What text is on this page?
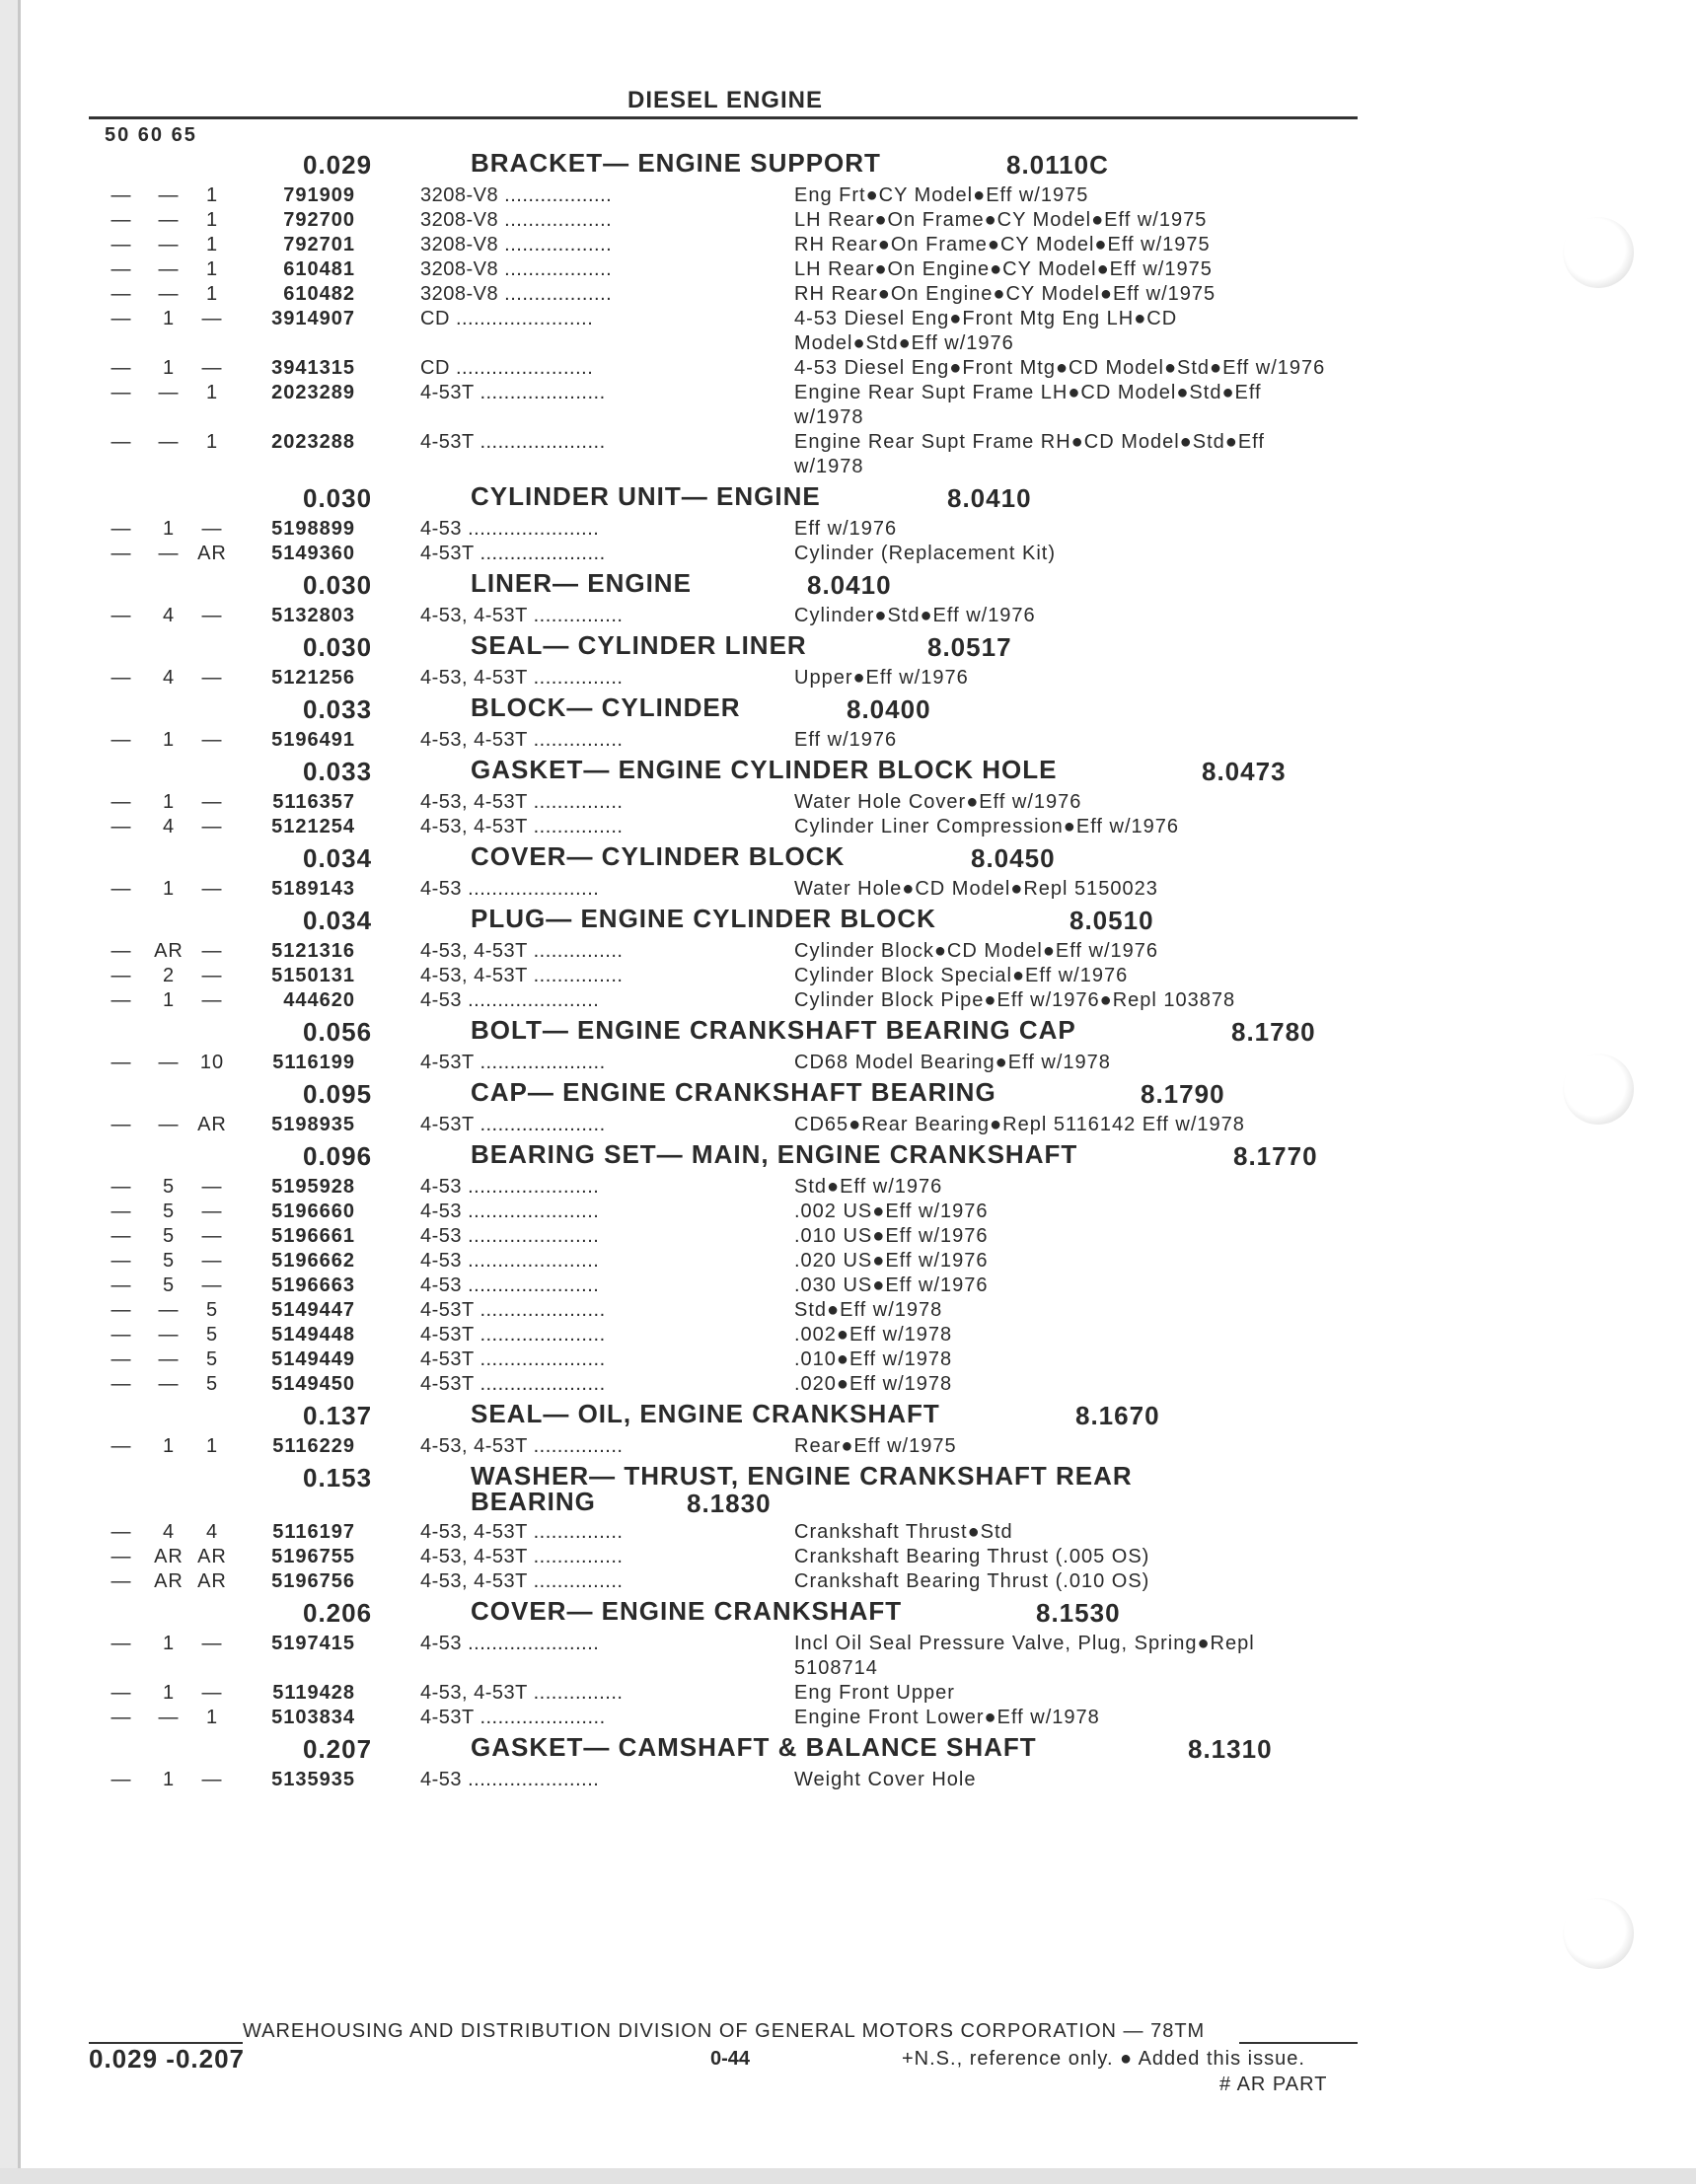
DIESEL ENGINE
50 60 65
0.029	BRACKET— ENGINE SUPPORT	8.0110C
— —	1	791909	3208-V8 ..................	Eng Frt●CY Model●Eff w/1975
— —	1	792700	3208-V8 ..................	LH Rear●On Frame●CY Model●Eff w/1975
— —	1	792701	3208-V8 ..................	RH Rear●On Frame●CY Model●Eff w/1975
— —	1	610481	3208-V8 ..................	LH Rear●On Engine●CY Model●Eff w/1975
— —	1	610482	3208-V8 ..................	RH Rear●On Engine●CY Model●Eff w/1975
—	1	—	3914907	CD .......................	4-53 Diesel Eng●Front Mtg Eng LH●CD Model●Std●Eff w/1976
—	1	—	3941315	CD .......................	4-53 Diesel Eng●Front Mtg●CD Model●Std●Eff w/1976
— —	1	2023289	4-53T .....................	Engine Rear Supt Frame LH●CD Model●Std●Eff w/1978
— —	1	2023288	4-53T .....................	Engine Rear Supt Frame RH●CD Model●Std●Eff w/1978
0.030	CYLINDER UNIT— ENGINE	8.0410
—	1	—	5198899	4-53 ......................	Eff w/1976
— — AR	5149360	4-53T .....................	Cylinder (Replacement Kit)
0.030	LINER— ENGINE	8.0410
—	4	—	5132803	4-53, 4-53T ...............	Cylinder●Std●Eff w/1976
0.030	SEAL— CYLINDER LINER	8.0517
—	4	—	5121256	4-53, 4-53T ...............	Upper●Eff w/1976
0.033	BLOCK— CYLINDER	8.0400
—	1	—	5196491	4-53, 4-53T ...............	Eff w/1976
0.033	GASKET— ENGINE CYLINDER BLOCK HOLE	8.0473
—	1	—	5116357	4-53, 4-53T ...............	Water Hole Cover●Eff w/1976
—	4	—	5121254	4-53, 4-53T ...............	Cylinder Liner Compression●Eff w/1976
0.034	COVER— CYLINDER BLOCK	8.0450
—	1	—	5189143	4-53 ......................	Water Hole●CD Model●Repl 5150023
0.034	PLUG— ENGINE CYLINDER BLOCK	8.0510
— AR —	5121316	4-53, 4-53T ...............	Cylinder Block●CD Model●Eff w/1976
—	2	—	5150131	4-53, 4-53T ...............	Cylinder Block Special●Eff w/1976
—	1	—	444620	4-53 ......................	Cylinder Block Pipe●Eff w/1976●Repl 103878
0.056	BOLT— ENGINE CRANKSHAFT BEARING CAP	8.1780
— — 10	5116199	4-53T .....................	CD68 Model Bearing●Eff w/1978
0.095	CAP— ENGINE CRANKSHAFT BEARING	8.1790
— — AR	5198935	4-53T .....................	CD65●Rear Bearing●Repl 5116142 Eff w/1978
0.096	BEARING SET— MAIN, ENGINE CRANKSHAFT	8.1770
—	5	—	5195928	4-53 ......................	Std●Eff w/1976
—	5	—	5196660	4-53 ......................	.002 US●Eff w/1976
—	5	—	5196661	4-53 ......................	.010 US●Eff w/1976
—	5	—	5196662	4-53 ......................	.020 US●Eff w/1976
—	5	—	5196663	4-53 ......................	.030 US●Eff w/1976
— —	5	5149447	4-53T .....................	Std●Eff w/1978
— —	5	5149448	4-53T .....................	.002●Eff w/1978
— —	5	5149449	4-53T .....................	.010●Eff w/1978
— —	5	5149450	4-53T .....................	.020●Eff w/1978
0.137	SEAL— OIL, ENGINE CRANKSHAFT	8.1670
—	1	1	5116229	4-53, 4-53T ...............	Rear●Eff w/1975
0.153	WASHER— THRUST, ENGINE CRANKSHAFT REAR BEARING	8.1830
—	4	4	5116197	4-53, 4-53T ...............	Crankshaft Thrust●Std
— AR AR	5196755	4-53, 4-53T ...............	Crankshaft Bearing Thrust (.005 OS)
— AR AR	5196756	4-53, 4-53T ...............	Crankshaft Bearing Thrust (.010 OS)
0.206	COVER— ENGINE CRANKSHAFT	8.1530
—	1	—	5197415	4-53 ......................	Incl Oil Seal Pressure Valve, Plug, Spring●Repl 5108714
—	1	—	5119428	4-53, 4-53T ...............	Eng Front Upper
— —	1	5103834	4-53T .....................	Engine Front Lower●Eff w/1978
0.207	GASKET— CAMSHAFT & BALANCE SHAFT	8.1310
—	1	—	5135935	4-53 ......................	Weight Cover Hole
WAREHOUSING AND DISTRIBUTION DIVISION OF GENERAL MOTORS CORPORATION — 78TM
0.029 -0.207	0-44	+N.S., reference only. ● Added this issue.
# AR PART
